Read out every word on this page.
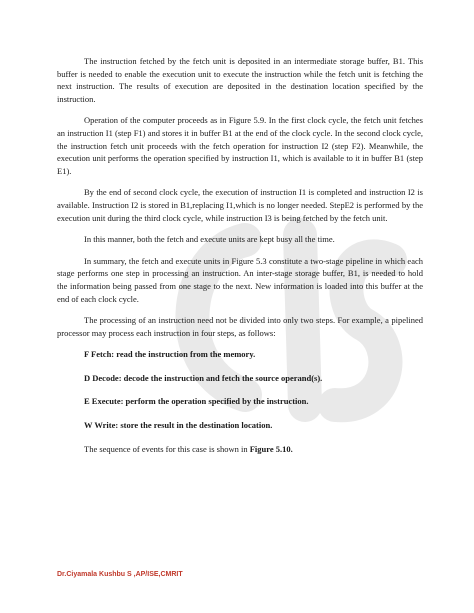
The instruction fetched by the fetch unit is deposited in an intermediate storage buffer, B1. This buffer is needed to enable the execution unit to execute the instruction while the fetch unit is fetching the next instruction. The results of execution are deposited in the destination location specified by the instruction.

Operation of the computer proceeds as in Figure 5.9. In the first clock cycle, the fetch unit fetches an instruction I1 (step F1) and stores it in buffer B1 at the end of the clock cycle. In the second clock cycle, the instruction fetch unit proceeds with the fetch operation for instruction I2 (step F2). Meanwhile, the execution unit performs the operation specified by instruction I1, which is available to it in buffer B1 (step E1).

By the end of second clock cycle, the execution of instruction I1 is completed and instruction I2 is available. Instruction I2 is stored in B1,replacing I1,which is no longer needed. StepE2 is performed by the execution unit during the third clock cycle, while instruction I3 is being fetched by the fetch unit.

In this manner, both the fetch and execute units are kept busy all the time.

In summary, the fetch and execute units in Figure 5.3 constitute a two-stage pipeline in which each stage performs one step in processing an instruction. An inter-stage storage buffer, B1, is needed to hold the information being passed from one stage to the next. New information is loaded into this buffer at the end of each clock cycle.

The processing of an instruction need not be divided into only two steps. For example, a pipelined processor may process each instruction in four steps, as follows:

F Fetch: read the instruction from the memory.

D Decode: decode the instruction and fetch the source operand(s).

E Execute: perform the operation specified by the instruction.

W Write: store the result in the destination location.

The sequence of events for this case is shown in Figure 5.10.

Dr.Ciyamala Kushbu S ,AP/ISE,CMRIT
